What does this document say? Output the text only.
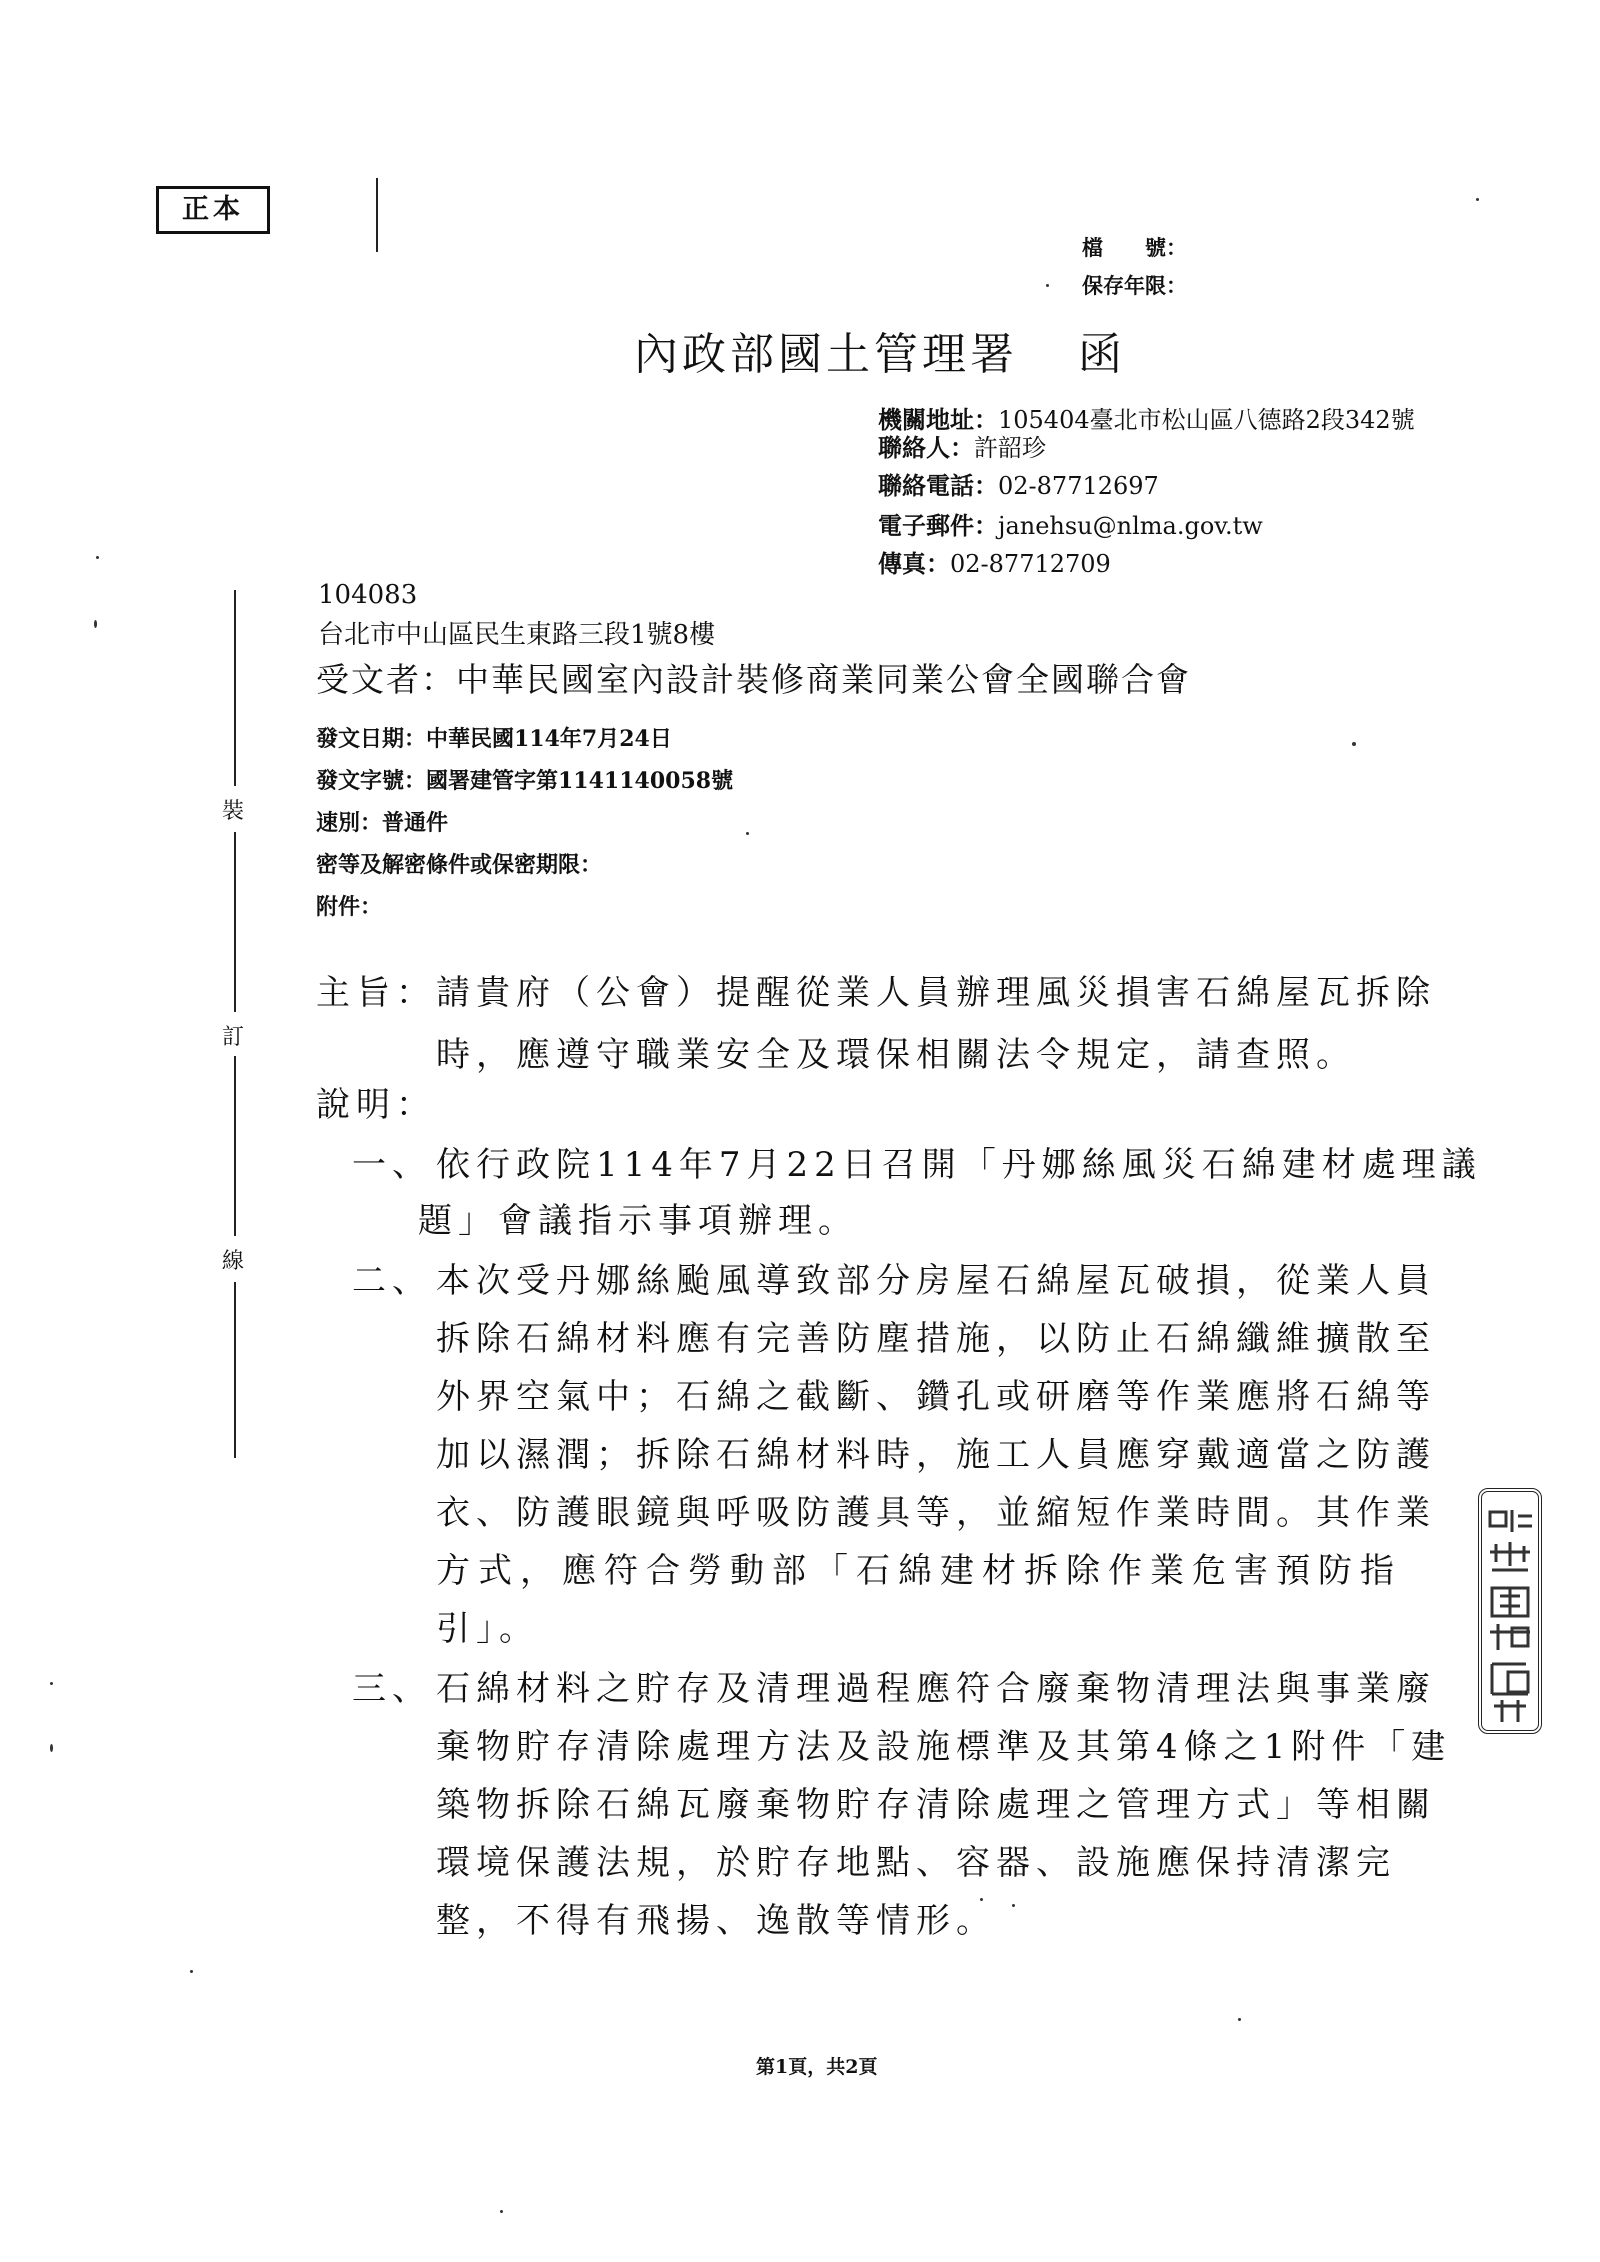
正本
檔　　號：
保存年限：
內政部國土管理署 函
機關地址：105404臺北市松山區八德路2段342號
聯絡人：許韶珍
聯絡電話：02-87712697
電子郵件：janehsu@nlma.gov.tw
傳真：02-87712709
裝
訂
線
104083
台北市中山區民生東路三段1號8樓
受文者：中華民國室內設計裝修商業同業公會全國聯合會
發文日期：中華民國114年7月24日
發文字號：國署建管字第1141140058號
速別：普通件
密等及解密條件或保密期限：
附件：
主旨： 請貴府（公會）提醒從業人員辦理風災損害石綿屋瓦拆除
時，應遵守職業安全及環保相關法令規定，請查照。
說明：
一、 依行政院114年7月22日召開「丹娜絲風災石綿建材處理議
題」會議指示事項辦理。
二、 本次受丹娜絲颱風導致部分房屋石綿屋瓦破損，從業人員
拆除石綿材料應有完善防塵措施，以防止石綿纖維擴散至
外界空氣中；石綿之截斷、鑽孔或研磨等作業應將石綿等
加以濕潤；拆除石綿材料時，施工人員應穿戴適當之防護
衣、防護眼鏡與呼吸防護具等，並縮短作業時間。其作業
方式，應符合勞動部「石綿建材拆除作業危害預防指
引」。
三、 石綿材料之貯存及清理過程應符合廢棄物清理法與事業廢
棄物貯存清除處理方法及設施標準及其第4條之1附件「建
築物拆除石綿瓦廢棄物貯存清除處理之管理方式」等相關
環境保護法規，於貯存地點、容器、設施應保持清潔完
整，不得有飛揚、逸散等情形。
第1頁，共2頁
